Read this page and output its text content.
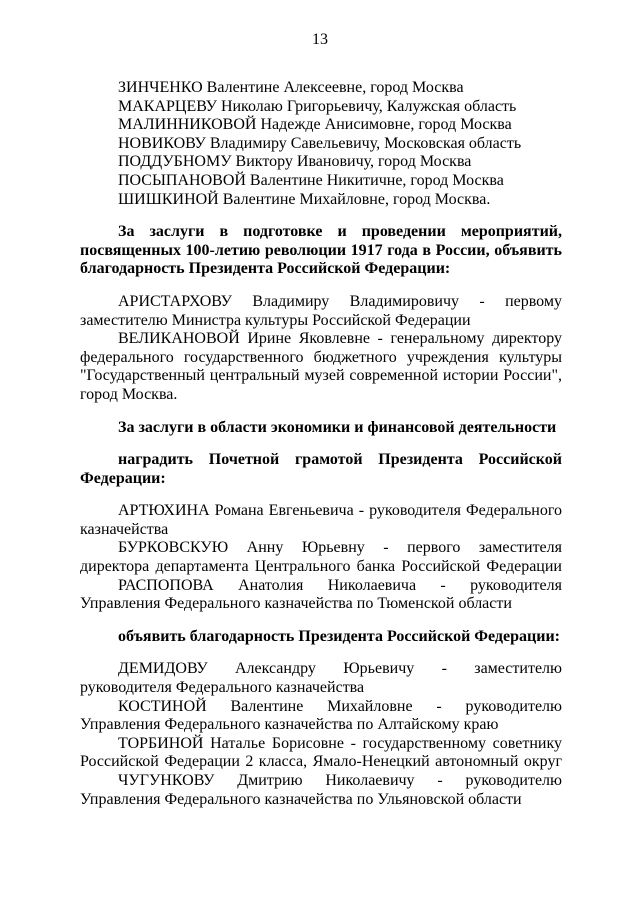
13
ЗИНЧЕНКО Валентине Алексеевне, город Москва
МАКАРЦЕВУ Николаю Григорьевичу, Калужская область
МАЛИННИКОВОЙ Надежде Анисимовне, город Москва
НОВИКОВУ Владимиру Савельевичу, Московская область
ПОДДУБНОМУ Виктору Ивановичу, город Москва
ПОСЫПАНОВОЙ Валентине Никитичне, город Москва
ШИШКИНОЙ Валентине Михайловне, город Москва.
За заслуги в подготовке и проведении мероприятий,
посвященных 100-летию революции 1917 года в России, объявить
благодарность Президента Российской Федерации:
АРИСТАРХОВУ Владимиру Владимировичу - первому
заместителю Министра культуры Российской Федерации
ВЕЛИКАНОВОЙ Ирине Яковлевне - генеральному директору
федерального государственного бюджетного учреждения культуры
"Государственный центральный музей современной истории России",
город Москва.
За заслуги в области экономики и финансовой деятельности
наградить Почетной грамотой Президента Российской
Федерации:
АРТЮХИНА Романа Евгеньевича - руководителя Федерального
казначейства
БУРКОВСКУЮ Анну Юрьевну - первого заместителя
директора департамента Центрального банка Российской Федерации
РАСПОПОВА Анатолия Николаевича - руководителя
Управления Федерального казначейства по Тюменской области
объявить благодарность Президента Российской Федерации:
ДЕМИДОВУ Александру Юрьевичу - заместителю
руководителя Федерального казначейства
КОСТИНОЙ Валентине Михайловне - руководителю
Управления Федерального казначейства по Алтайскому краю
ТОРБИНОЙ Наталье Борисовне - государственному советнику
Российской Федерации 2 класса, Ямало-Ненецкий автономный округ
ЧУГУНКОВУ Дмитрию Николаевичу - руководителю
Управления Федерального казначейства по Ульяновской области
